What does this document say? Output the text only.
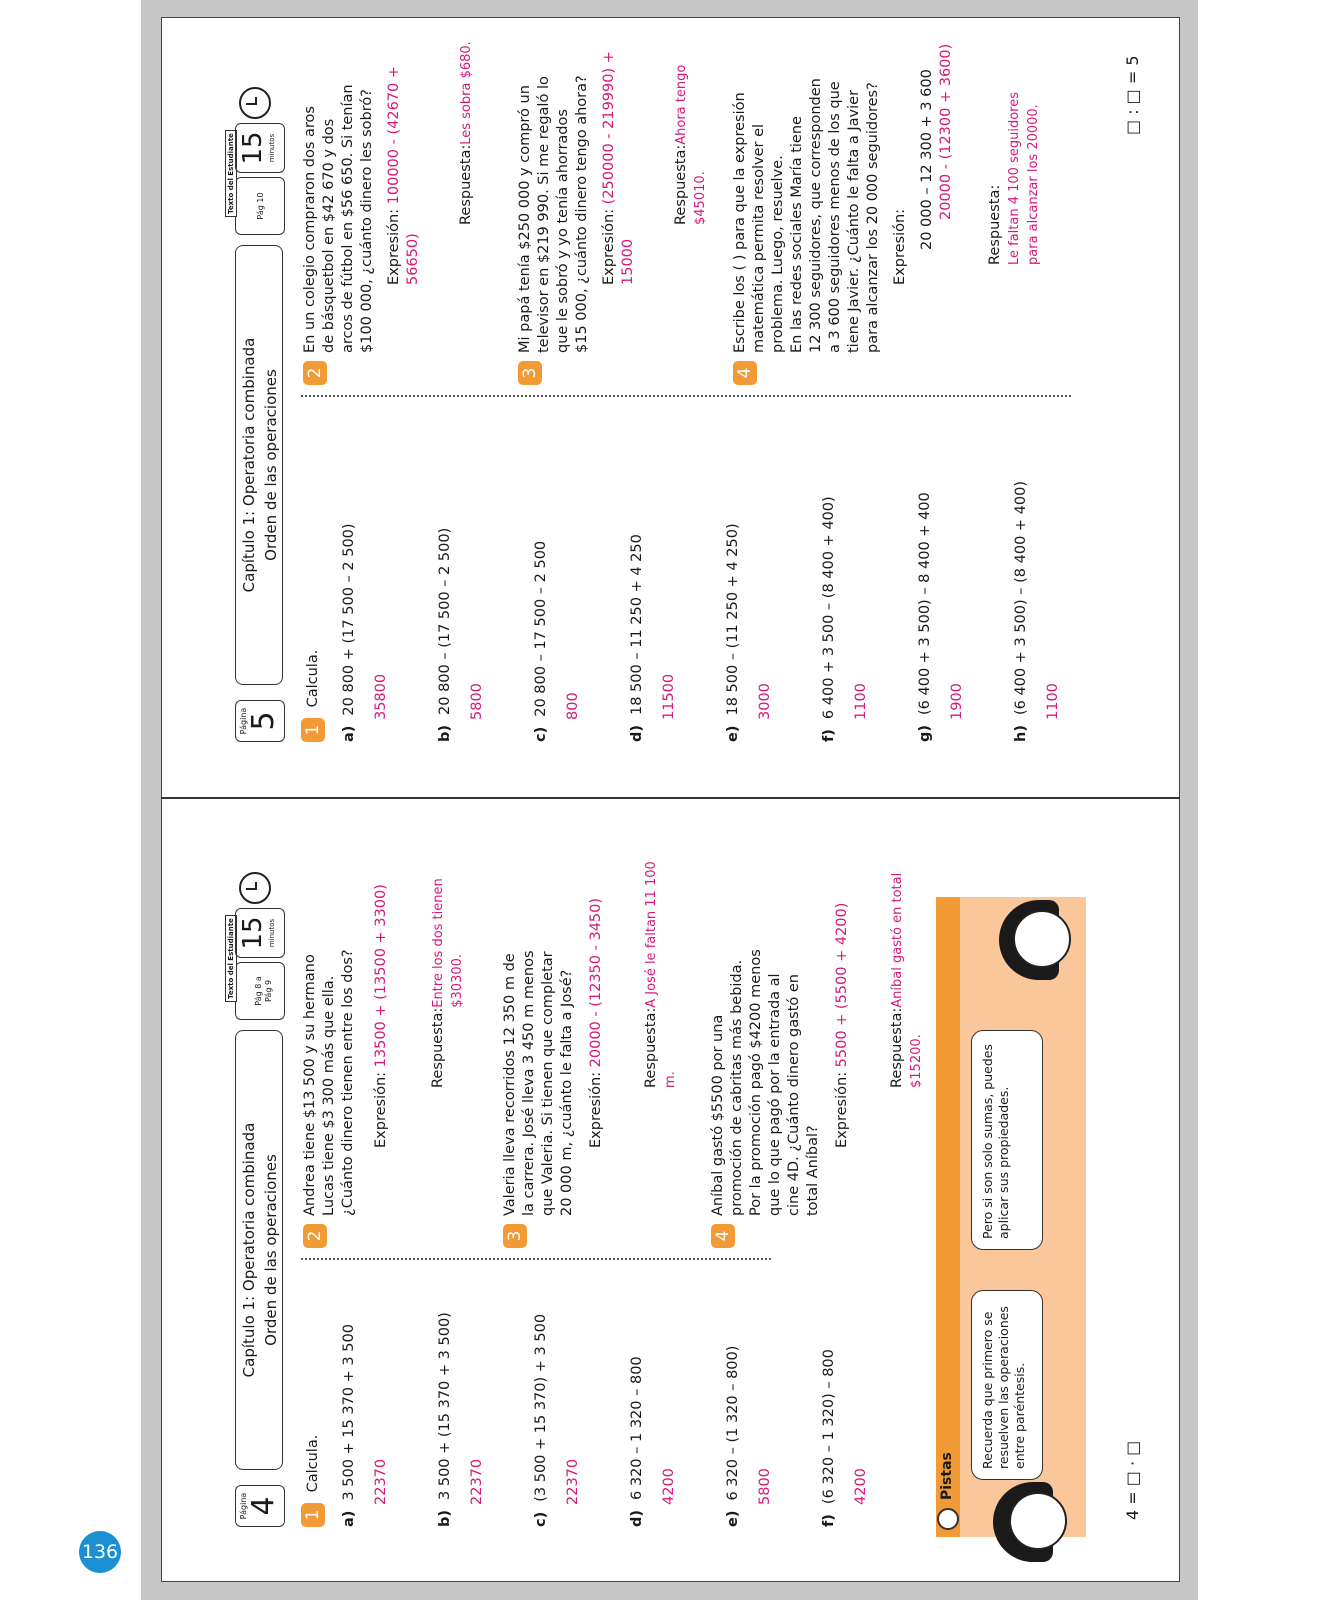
136
Página
4
Capítulo 1: Operatoria combinada Orden de las operaciones
Pág 8 a Pág 9
Texto del Estudiante 15 minutos
1 Calcula.
a)3 500 + 15 370 + 3 500 22370
b)3 500 + (15 370 + 3 500) 22370
c)(3 500 + 15 370) + 3 500 22370
d)6 320 – 1 320 – 800 4200
e)6 320 – (1 320 – 800) 5800
f)(6 320 – 1 320) – 800 4200
2
Andrea tiene $13 500 y su hermano Lucas tiene $3 300 más que ella. ¿Cuánto dinero tienen entre los dos? Expresión: 13500 + (13500 + 3300)	Respuesta:
Entre los dos tienen $30300.
3
Valeria lleva recorridos 12 350 m de la carrera. José lleva 3 450 m menos que Valeria. Si tienen que completar 20 000 m, ¿cuánto le falta a José? Expresión: 20000 - (12350 - 3450)	Respuesta:A José le faltan 11 100 m.
4
Aníbal gastó $5500 por una promoción de cabritas más bebida. Por la promoción pagó $4200 menos que lo que pagó por la entrada al cine 4D. ¿Cuánto dinero gastó en total Aníbal?
Expresión: 5500 + (5500 + 4200)	Respuesta:Aníbal gastó en total $15200.
Pistas
Recuerda que primero se resuelven las operaciones entre paréntesis.
Pero si son solo sumas, puedes aplicar sus propiedades.
4 = □ · □
Página
5
Capítulo 1: Operatoria combinada Orden de las operaciones
Pág 10
Texto del Estudiante 15 minutos
1 Calcula.
a)20 800 + (17 500 – 2 500) 35800
b)20 800 – (17 500 – 2 500) 5800
c)20 800 – 17 500 – 2 500 800
d)18 500 – 11 250 + 4 250 11500
e)18 500 – (11 250 + 4 250) 3000
f)6 400 + 3 500 – (8 400 + 400) 1100
g)(6 400 + 3 500) – 8 400 + 400 1900
h)(6 400 + 3 500) – (8 400 + 400) 1100
2
En un colegio compraron dos aros de básquetbol en $42 670 y dos arcos de fútbol en $56 650. Si tenían $100 000, ¿cuánto dinero les sobró? Expresión: 100000 - (42670 + 56650)
Respuesta:Les sobra $680.
3
Mi papá tenía $250 000 y compró un televisor en $219 990. Si me regaló lo que le sobró y yo tenía ahorrados $15 000, ¿cuánto dinero tengo ahora? Expresión: (250000 - 219990) + 15000
Respuesta:Ahora tengo $45010.
4
Escribe los ( ) para que la expresión matemática permita resolver el problema. Luego, resuelve. En las redes sociales María tiene 12 300 seguidores, que corresponden a 3 600 seguidores menos de los que tiene Javier. ¿Cuánto le falta a Javier para alcanzar los 20 000 seguidores? Expresión: 20 000 – 12 300 + 3 600 20000 - (12300 + 3600)
Respuesta: Le faltan 4 100 seguidores para alcanzar los 20000.
□ : □ = 5
